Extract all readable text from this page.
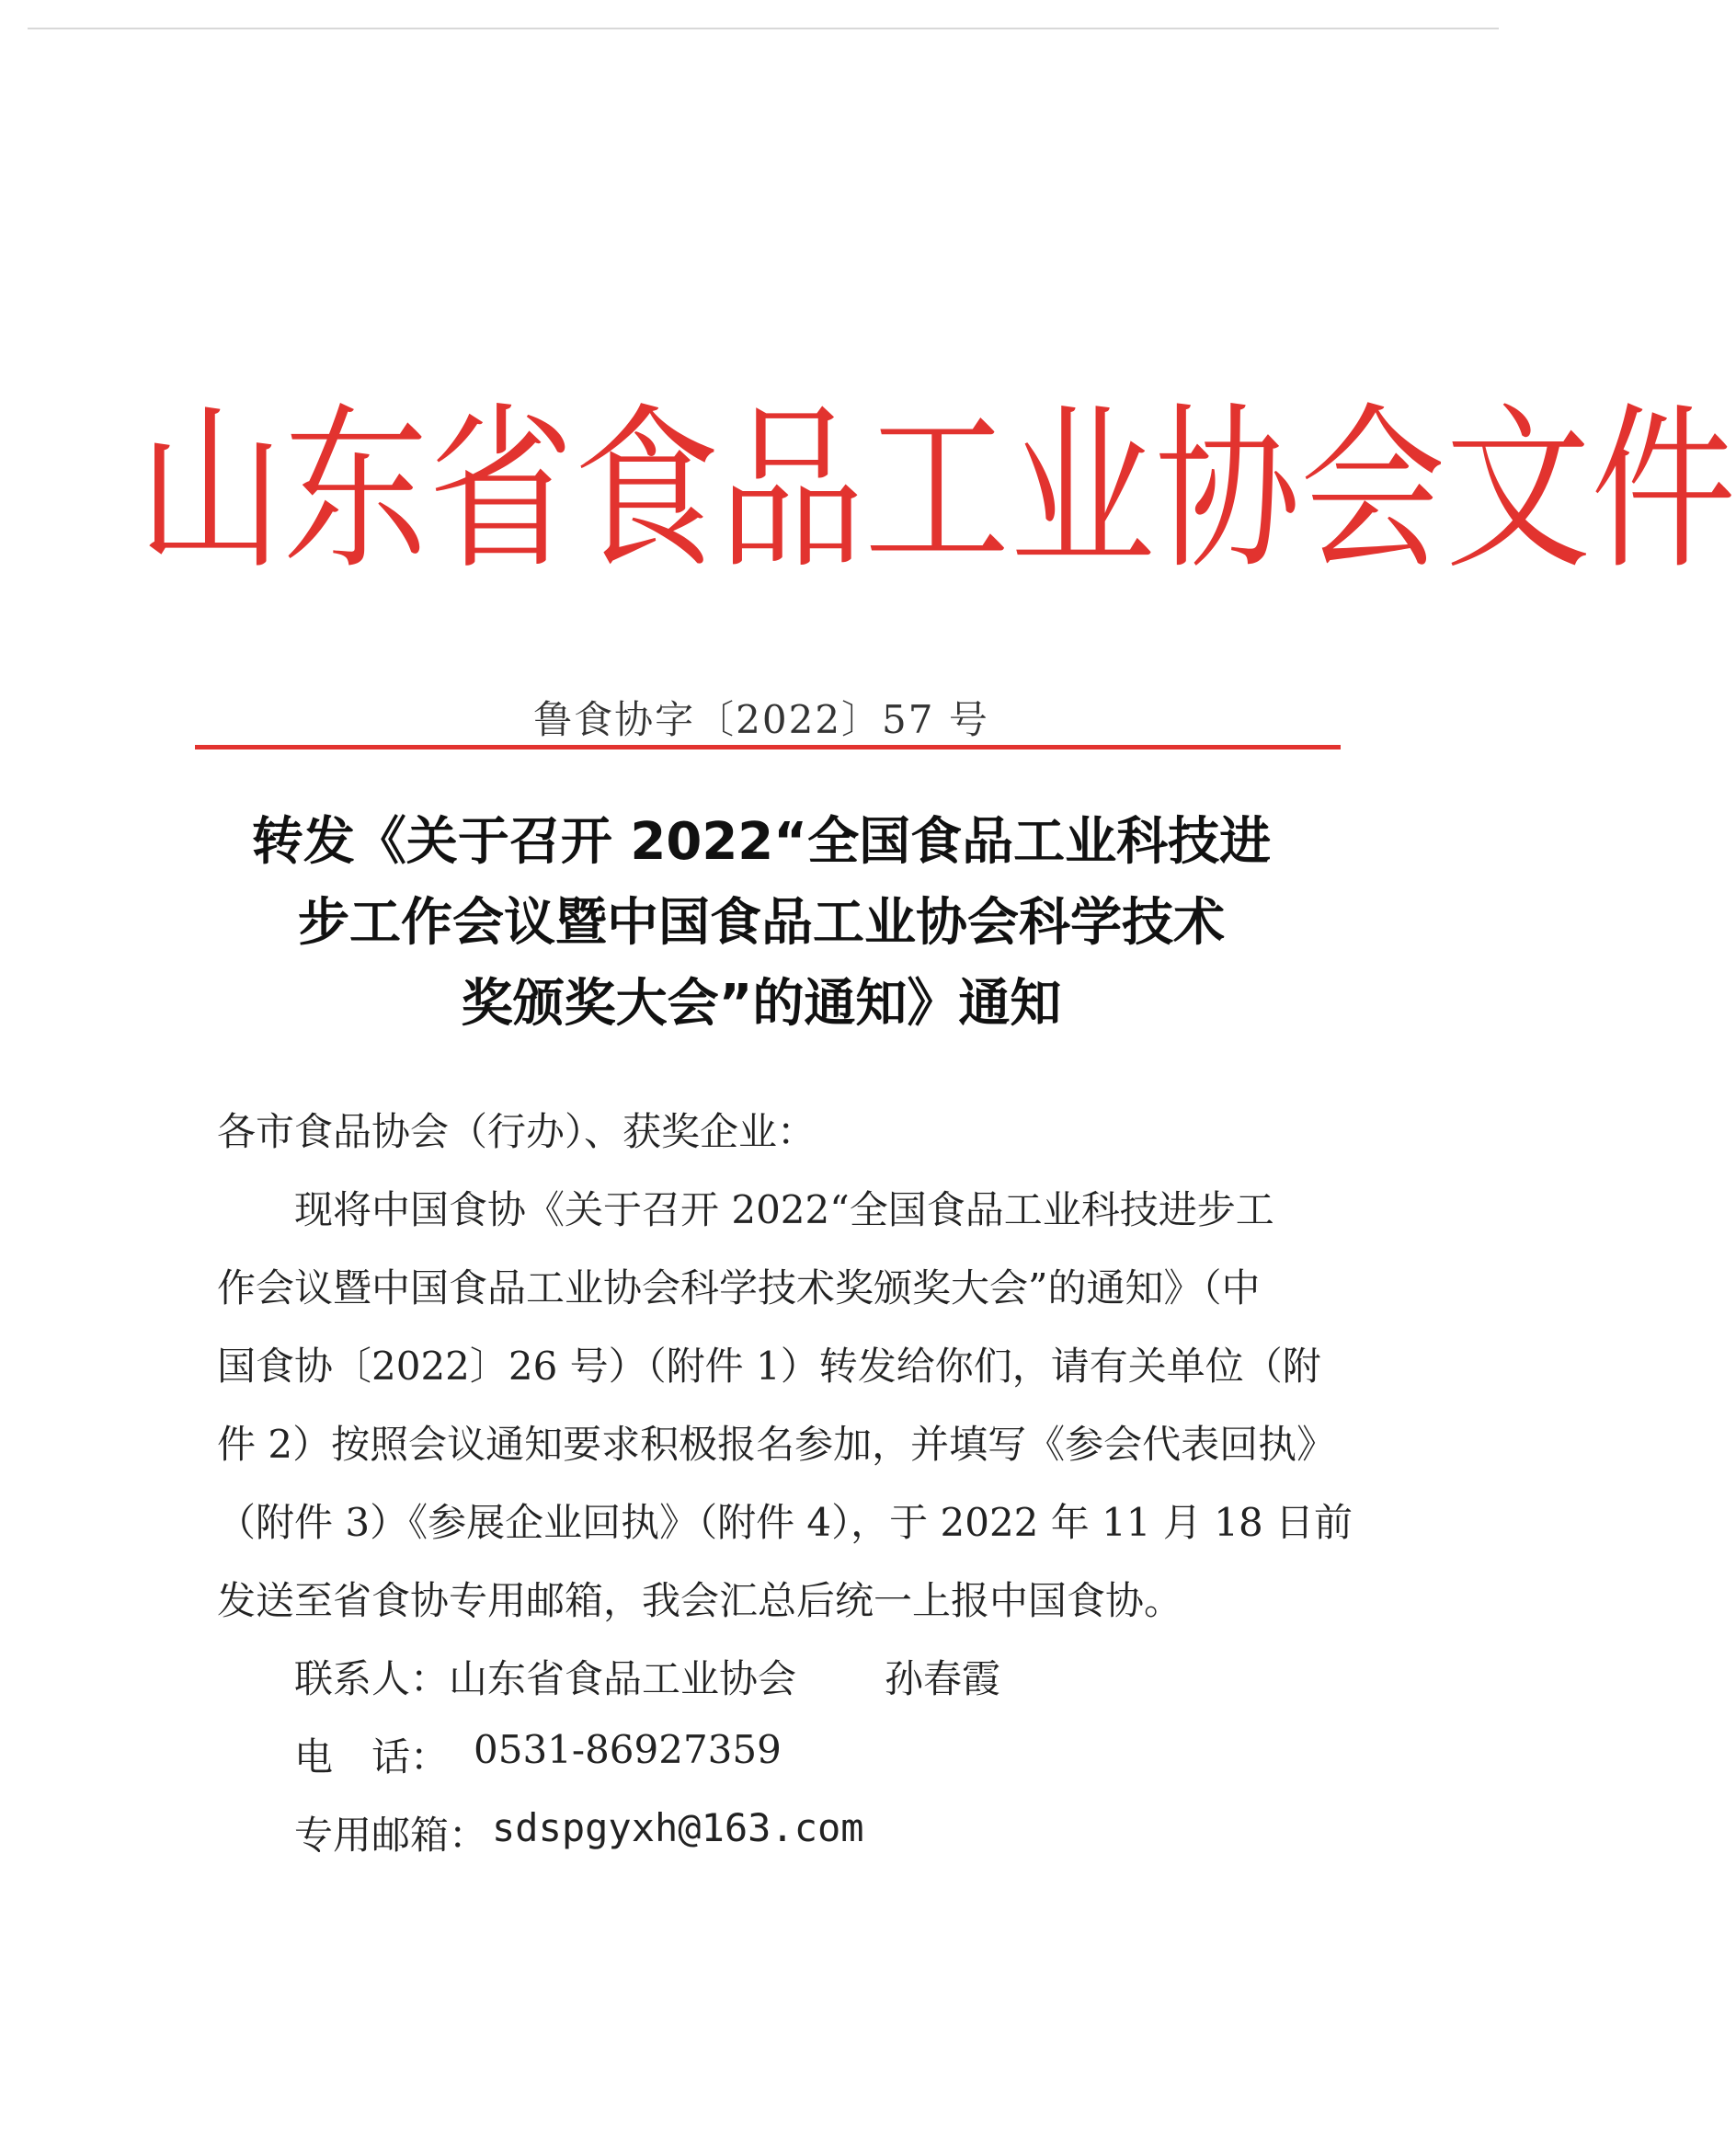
山 东 省 食 品 工 业 协 会 文 件
鲁食协字〔2022〕57 号
转发《关于召开 2022“全国食品工业科技进
步工作会议暨中国食品工业协会科学技术
奖颁奖大会”的通知》通知
各市食品协会（行办）、获奖企业：
现将中国食协《关于召开 2022“全国食品工业科技进步工
作会议暨中国食品工业协会科学技术奖颁奖大会”的通知》（中
国食协〔2022〕26 号）（附件 1）转发给你们，请有关单位（附
件 2）按照会议通知要求积极报名参加，并填写《参会代表回执》
（附件 3）《参展企业回执》（附件 4），于 2022 年 11 月 18 日前
发送至省食协专用邮箱，我会汇总后统一上报中国食协。
联系人：山东省食品工业协会 孙春霞
电　话： 0531-86927359
专用邮箱： sdspgyxh@163.com
